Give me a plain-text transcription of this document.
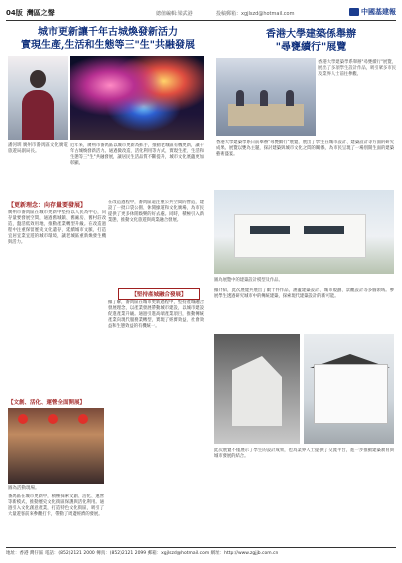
04版 灣區之聲	總值編輯:梁武港	投稿郵箱：xgjlszd@hotmail.com	中國基建報
城市更新讓千年古城煥發新活力
實現生產,生活和生態等三"生"共融發展
潘河圳 廣州市番禺區文化廣電旅遊局副局長。
近年來，廣州市番禺區以城市更新為抓手，推動老城區有機更新，讓千年古城煥發新活力。通過微改造、活化利用等方式，實現生產、生活和生態等三"生"共融發展，讓居民生活品質不斷提升，城市文化底蘊更加彰顯。
【更新理念：向存量要發展】
廣州市番禺區在城市更新中堅持以人民為中心，向存量要發展空間，通過舊城鎮、舊廠房、舊村莊改造，盤活低效用地，推動產業轉型升級。在改造過程中注重保留歷史文化遺存，延續城市文脈，打造宜居宜業宜遊的城市環境，讓老城區重新煥發生機與活力。
在改造過程中，番禺區還注重公共空間的營造，建設了一批口袋公園、休閒綠道和文化廣場，為市民提供了更多休閒娛樂的好去處。同時，積極引入新業態，推動文化旅遊與商業融合發展。
【堅持產城融合發展】
據了解，番禺區在城市更新過程中，堅持產城融合發展理念，以產業發展帶動城市建設，以城市建設促進產業升級。通過引進高端產業項目，推動傳統產業向現代服務業轉型，實現了經濟效益、社會效益和生態效益的有機統一。
【文創、活化、運營全面開展】
圖為活動現場。
番禺區在城市更新中，積極探索文創、活化、運營等新模式，推動歷史文化街區保護與活化利用。通過引入文化創意產業，打造特色文化街區，吸引了大量遊客前來參觀打卡，帶動了周邊經濟的發展。
香港大學建築係舉辦
"尋甕續行"展覽
香港大學建築學系舉辦"尋甕續行"展覽，展出了多項學生設計作品，吸引眾多市民及業界人士前往參觀。
香港大學建築學系日前舉辦"尋甕續行"展覽，展出了學生在城市設計、建築設計等方面的研究成果。展覽以甕為主題，探討建築與城市文化之間的關係，為市民呈現了一場別開生面的建築藝術盛宴。
圖為展覽中的建築設計模型及作品。
據介紹，此次展覽共展出了數十件作品，涵蓋建築設計、城市規劃、景觀設計等多個領域。參展學生透過研究城市中的傳統建築，探索現代建築設計的新可能。
此次展覽不僅展示了學生的設計成果，也為業界人士提供了交流平台，進一步推動建築教育與城市發展的結合。
地址：香港 灣仔區 電話：(852)2121 2000 傳真：(852)2121 2099 郵箱：xgjlszd@hotmail.com 網址：http://www.zgjjb.com.cn
